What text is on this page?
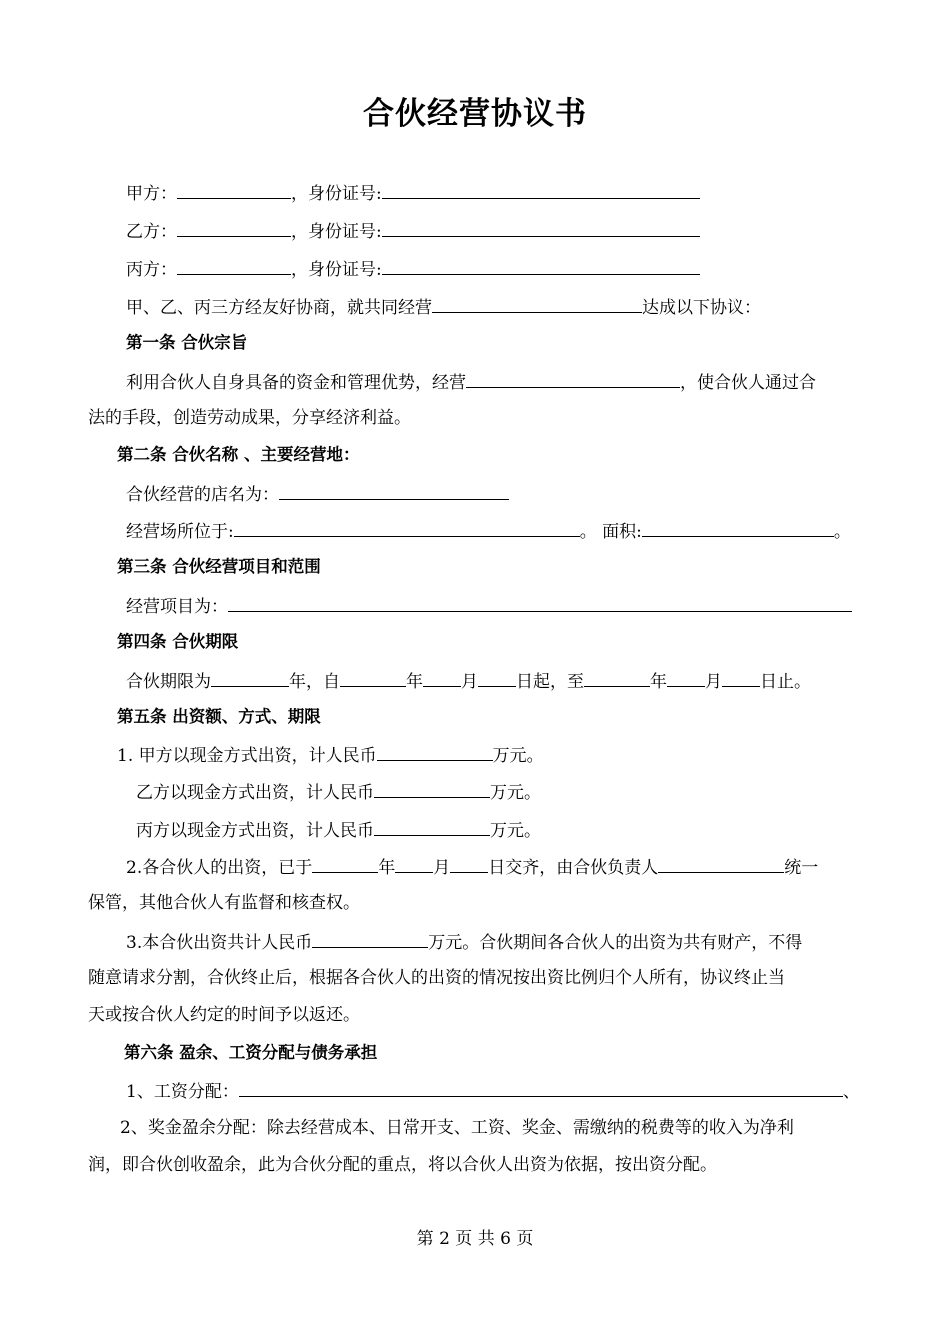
合伙经营协议书
甲方：	，身份证号:
乙方：	，身份证号:
丙方：	，身份证号:
甲、乙、丙三方经友好协商，就共同经营	达成以下协议：
第一条 合伙宗旨
利用合伙人自身具备的资金和管理优势，经营	，使合伙人通过合
法的手段，创造劳动成果，分享经济利益。
第二条 合伙名称 、主要经营地：
合伙经营的店名为：
经营场所位于:	。 面积:	。
第三条 合伙经营项目和范围
经营项目为：
第四条 合伙期限
合伙期限为	年，自	年 月 日起，至	年 月 日止。
第五条 出资额、方式、期限
1. 甲方以现金方式出资，计人民币	万元。
乙方以现金方式出资，计人民币	万元。
丙方以现金方式出资，计人民币	万元。
2.各合伙人的出资，已于	年 月 日交齐，由合伙负责人	统一
保管，其他合伙人有监督和核查权。
3.本合伙出资共计人民币	万元。合伙期间各合伙人的出资为共有财产，不得
随意请求分割，合伙终止后，根据各合伙人的出资的情况按出资比例归个人所有，协议终止当
天或按合伙人约定的时间予以返还。
第六条 盈余、工资分配与债务承担
1、工资分配：	、
2、奖金盈余分配：除去经营成本、日常开支、工资、奖金、需缴纳的税费等的收入为净利
润，即合伙创收盈余，此为合伙分配的重点，将以合伙人出资为依据，按出资分配。
第 2 页 共 6 页
